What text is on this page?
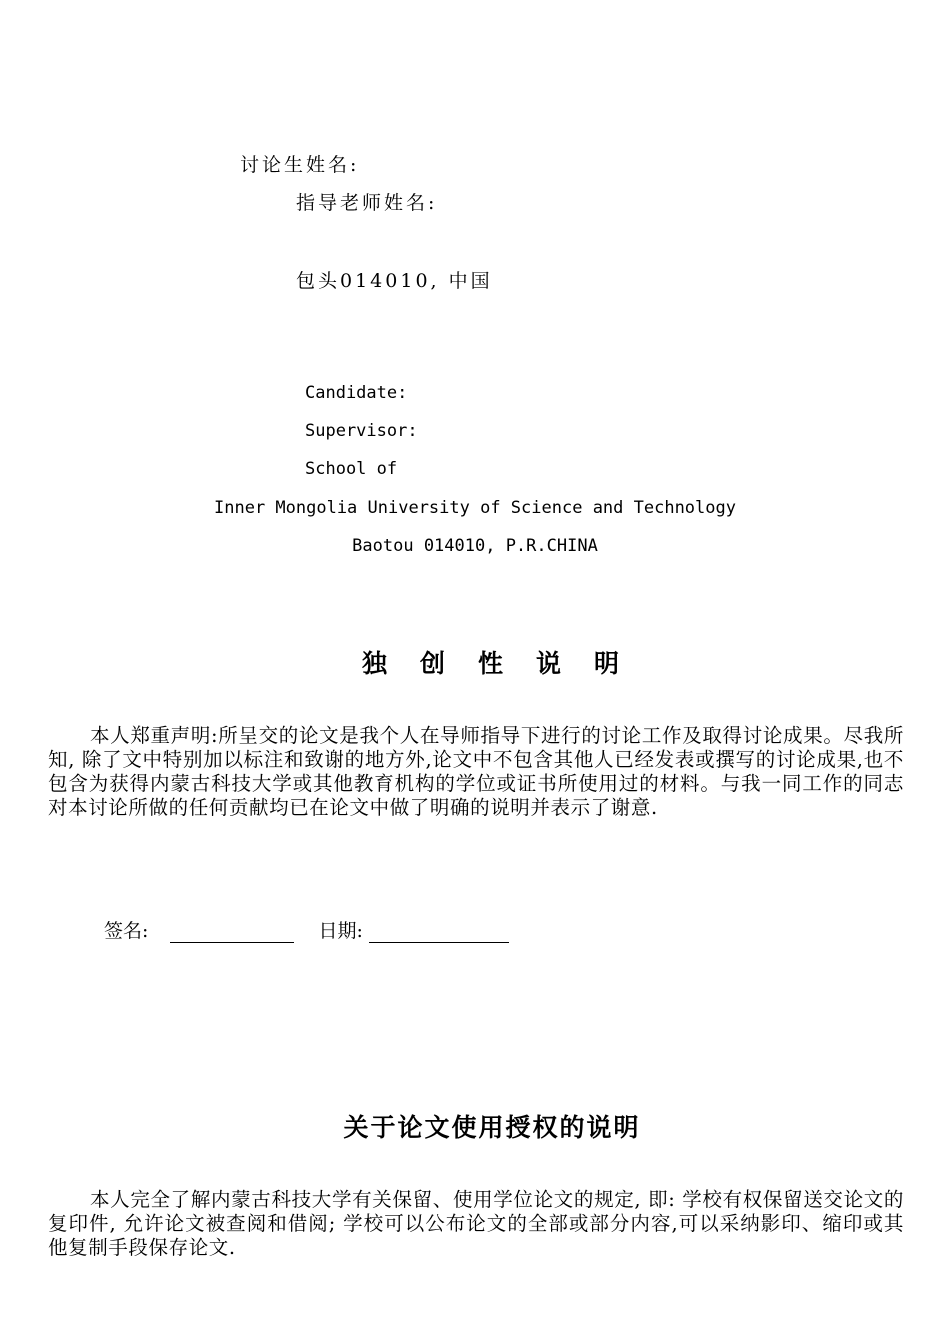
讨论生姓名:
指导老师姓名:
包头014010, 中国
Candidate:
Supervisor:
School of
Inner Mongolia University of Science and Technology
Baotou 014010, P.R.CHINA
独创性说明
本人郑重声明:所呈交的论文是我个人在导师指导下进行的讨论工作及取得讨论成果。尽我所知, 除了文中特别加以标注和致谢的地方外,论文中不包含其他人已经发表或撰写的讨论成果,也不包含为获得内蒙古科技大学或其他教育机构的学位或证书所使用过的材料。与我一同工作的同志对本讨论所做的任何贡献均已在论文中做了明确的说明并表示了谢意.
签名:	日期:
关于论文使用授权的说明
本人完全了解内蒙古科技大学有关保留、使用学位论文的规定, 即: 学校有权保留送交论文的复印件, 允许论文被查阅和借阅; 学校可以公布论文的全部或部分内容,可以采纳影印、缩印或其他复制手段保存论文.
